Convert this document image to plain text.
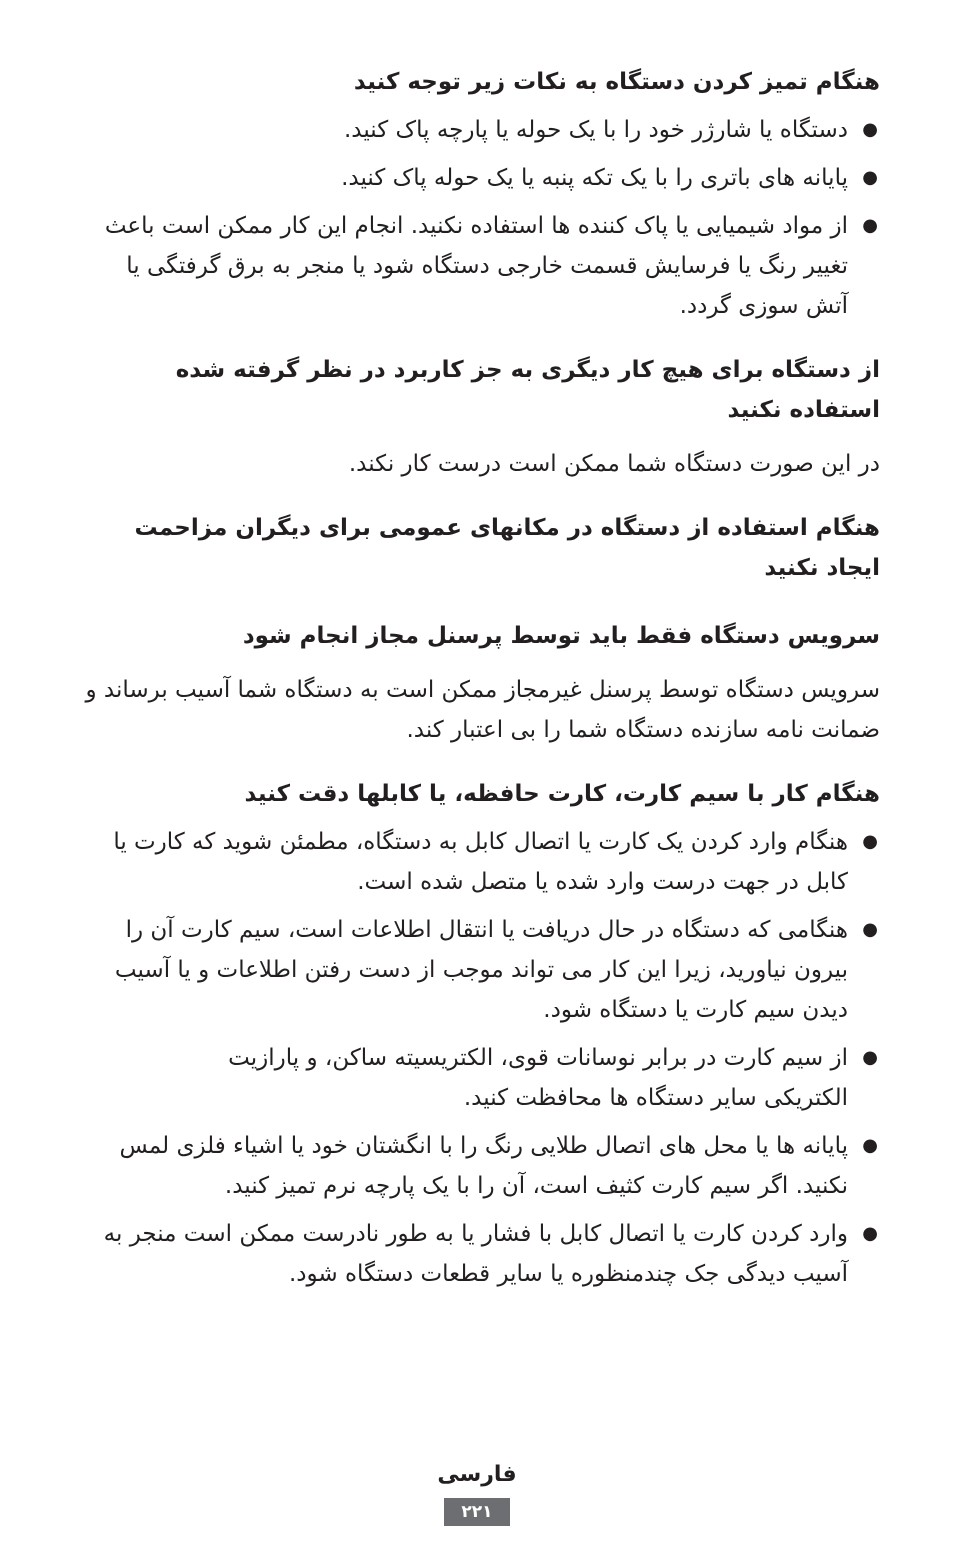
هنگام تمیز کردن دستگاه به نکات زیر توجه کنید
●
دستگاه یا شارژر خود را با یک حوله یا پارچه پاک کنید.
●
پایانه های باتری را با یک تکه پنبه یا یک حوله پاک کنید.
●
از مواد شیمیایی یا پاک کننده ها استفاده نکنید. انجام این کار ممکن است باعث تغییر رنگ یا فرسایش قسمت خارجی دستگاه شود یا منجر به برق گرفتگی یا آتش سوزی گردد.
از دستگاه برای هیچ کار دیگری به جز کاربرد در نظر گرفته شده استفاده نکنید

در این صورت دستگاه شما ممکن است درست کار نکند.

هنگام استفاده از دستگاه در مکانهای عمومی برای دیگران مزاحمت ایجاد نکنید
سرویس دستگاه فقط باید توسط پرسنل مجاز انجام شود

سرویس دستگاه توسط پرسنل غیرمجاز ممکن است به دستگاه شما آسیب برساند و ضمانت نامه سازنده دستگاه شما را بی اعتبار کند.

هنگام کار با سیم کارت، کارت حافظه، یا کابلها دقت کنید
●
هنگام وارد کردن یک کارت یا اتصال کابل به دستگاه، مطمئن شوید که کارت یا کابل در جهت درست وارد شده یا متصل شده است.
●
هنگامی که دستگاه در حال دریافت یا انتقال اطلاعات است، سیم کارت آن را بیرون نیاورید، زیرا این کار می تواند موجب از دست رفتن اطلاعات و یا آسیب دیدن سیم کارت یا دستگاه شود.
●
از سیم کارت در برابر نوسانات قوی، الکتریسیته ساکن، و پارازیت الکتریکی سایر دستگاه ها محافظت کنید.
●
پایانه ها یا محل های اتصال طلایی رنگ را با انگشتان خود یا اشیاء فلزی لمس نکنید. اگر سیم کارت کثیف است، آن را با یک پارچه نرم تمیز کنید.
●
وارد کردن کارت یا اتصال کابل با فشار یا به طور نادرست ممکن است منجر به آسیب دیدگی جک چندمنظوره یا سایر قطعات دستگاه شود.
فارسی
۲۲۱
